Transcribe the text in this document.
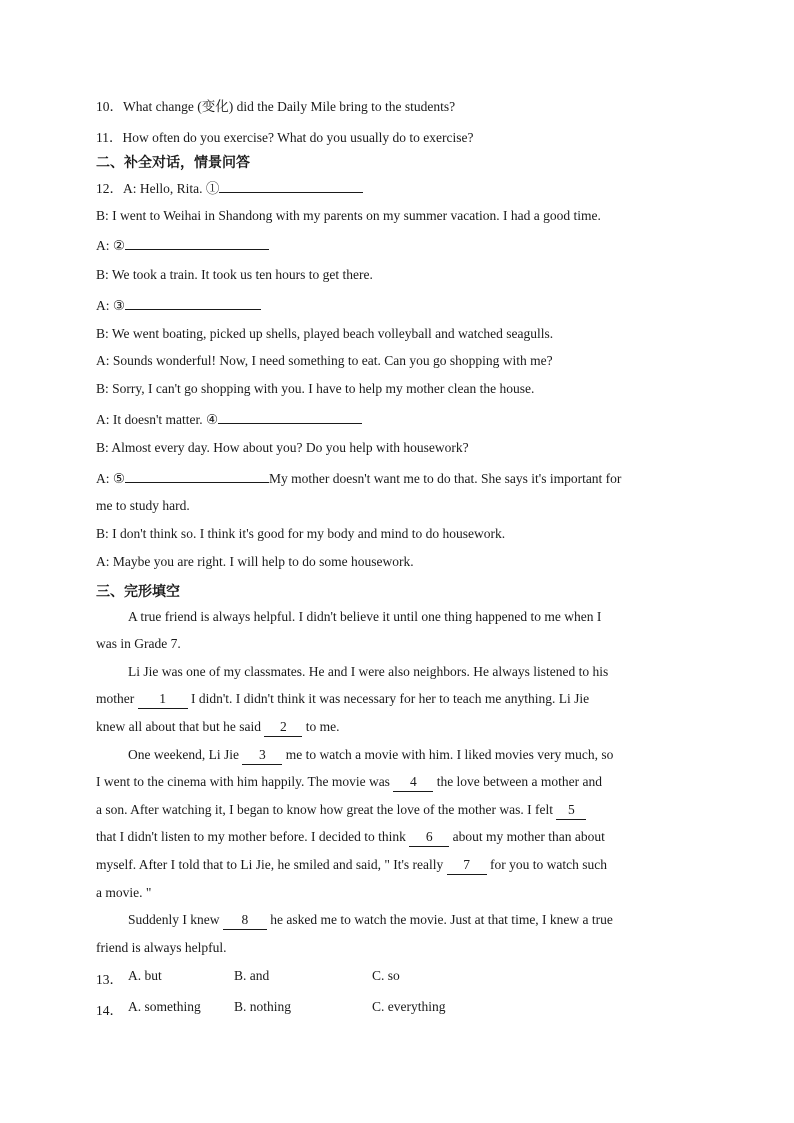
10．What change (变化) did the Daily Mile bring to the students?
11．How often do you exercise? What do you usually do to exercise?
二、补全对话，情景问答
12．A: Hello, Rita. ①
B: I went to Weihai in Shandong with my parents on my summer vacation. I had a good time.
A: ②
B: We took a train. It took us ten hours to get there.
A: ③
B: We went boating, picked up shells, played beach volleyball and watched seagulls.
A: Sounds wonderful! Now, I need something to eat. Can you go shopping with me?
B: Sorry, I can't go shopping with you. I have to help my mother clean the house.
A: It doesn't matter. ④
B: Almost every day. How about you? Do you help with housework?
A: ⑤	My mother doesn't want me to do that. She says it's important for
me to study hard.
B: I don't think so. I think it's good for my body and mind to do housework.
A: Maybe you are right. I will help to do some housework.
三、完形填空
A true friend is always helpful. I didn't believe it until one thing happened to me when I
was in Grade 7.
Li Jie was one of my classmates. He and I were also neighbors. He always listened to his
mother 1 I didn't. I didn't think it was necessary for her to teach me anything. Li Jie
knew all about that but he said 2 to me.
One weekend, Li Jie 3 me to watch a movie with him. I liked movies very much, so
I went to the cinema with him happily. The movie was 4 the love between a mother and
a son. After watching it, I began to know how great the love of the mother was. I felt 5
that I didn't listen to my mother before. I decided to think 6 about my mother than about
myself. After I told that to Li Jie, he smiled and said, " It's really 7 for you to watch such
a movie. "
Suddenly I knew 8 he asked me to watch the movie. Just at that time, I knew a true
friend is always helpful.
13． A. but	B. and	C. so
14． A. something B. nothing	C. everything
